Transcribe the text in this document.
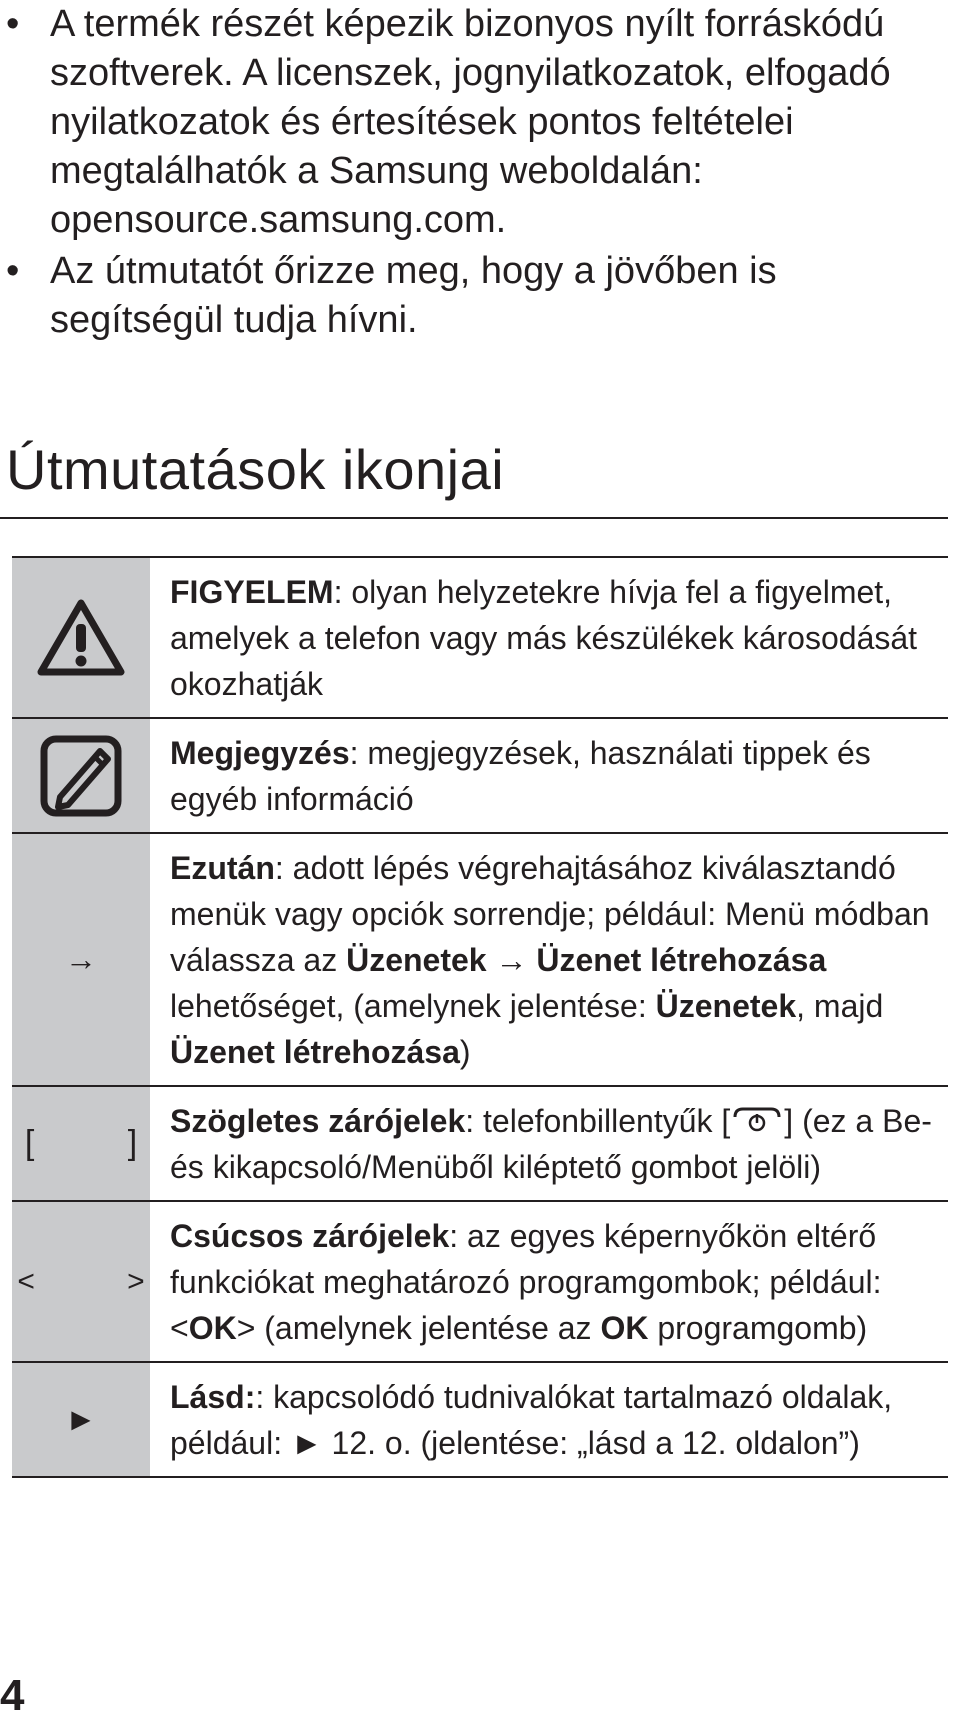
• A termék részét képezik bizonyos nyílt forráskódú szoftverek. A licenszek, jognyilatkozatok, elfogadó nyilatkozatok és értesítések pontos feltételei megtalálhatók a Samsung weboldalán: opensource.samsung.com.
• Az útmutatót őrizze meg, hogy a jövőben is segítségül tudja hívni.
Útmutatások ikonjai
FIGYELEM: olyan helyzetekre hívja fel a figyelmet, amelyek a telefon vagy más készülékek károsodását okozhatják
Megjegyzés: megjegyzések, használati tippek és egyéb információ
→
Ezután: adott lépés végrehajtásához kiválasztandó menük vagy opciók sorrendje; például: Menü módban válassza az Üzenetek → Üzenet létrehozása lehetőséget, (amelynek jelentése: Üzenetek, majd Üzenet létrehozása)
[ ]
Szögletes zárójelek: telefonbillentyűk [ ] (ez a Be- és kikapcsoló/Menüből kiléptető gombot jelöli)
< >
Csúcsos zárójelek: az egyes képernyőkön eltérő funkciókat meghatározó programgombok; például: <OK> (amelynek jelentése az OK programgomb)
►
Lásd:: kapcsolódó tudnivalókat tartalmazó oldalak, például: ► 12. o. (jelentése: „lásd a 12. oldalon”)

4
